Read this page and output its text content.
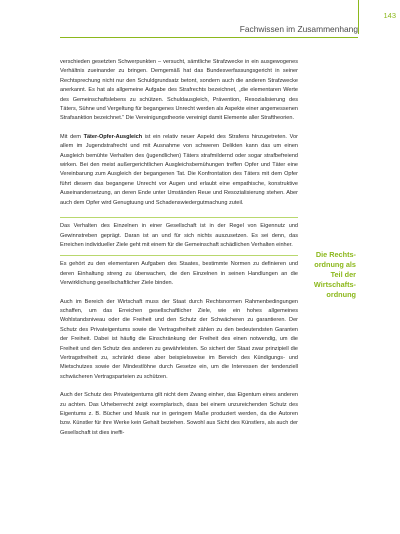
143
Fachwissen im Zusammenhang

verschieden gesetzten Schwerpunkten – versucht, sämtliche Strafzwecke in ein ausgewogenes Verhältnis zueinander zu bringen. Demgemäß hat das Bundesverfassungsgericht in seiner Rechtsprechung nicht nur den Schuldgrundsatz betont, sondern auch die anderen Strafzwecke anerkannt. Es hat als allgemeine Aufgabe des Strafrechts bezeichnet, „die elementaren Werte des Gemeinschaftslebens zu schützen. Schuldausgleich, Prävention, Resozialisierung des Täters, Sühne und Vergeltung für begangenes Unrecht werden als Aspekte einer angemessenen Strafsanktion bezeichnet.“ Die Vereinigungstheorie vereinigt damit Elemente aller Straftheorien.

Mit dem Täter-Opfer-Ausgleich ist ein relativ neuer Aspekt des Strafens hinzugetreten. Vor allem im Jugendstrafrecht und mit Ausnahme von schweren Delikten kann das um einen Ausgleich bemühte Verhalten des (jugendlichen) Täters strafmildernd oder sogar strafbefreiend wirken. Bei den meist außergerichtlichen Ausgleichsbemühungen treffen Opfer und Täter eine Vereinbarung zum Ausgleich der begangenen Tat. Die Konfrontation des Täters mit dem Opfer führt diesem das begangene Unrecht vor Augen und erlaubt eine empathische, konstruktive Auseinandersetzung, an deren Ende unter Umständen Reue und Resozialisierung stehen. Aber auch dem Opfer wird Genugtuung und Schadenswiedergutmachung zuteil.

Das Verhalten des Einzelnen in einer Gesellschaft ist in der Regel von Eigennutz und Gewinnstreben geprägt. Daran ist an und für sich nichts auszusetzen. Es sei denn, das Erreichen individueller Ziele geht mit einem für die Gemeinschaft schädlichen Verhalten einher.

Es gehört zu den elementaren Aufgaben des Staates, bestimmte Normen zu definieren und deren Einhaltung streng zu überwachen, die den Einzelnen in seinen Handlungen an die Verwirklichung gesellschaftlicher Ziele binden.

Auch im Bereich der Wirtschaft muss der Staat durch Rechtsnormen Rahmenbedingungen schaffen, um das Erreichen gesellschaftlicher Ziele, wie ein hohes allgemeines Wohlstandsniveau oder die Freiheit und den Schutz der Schwächeren zu garantieren. Der Schutz des Privateigentums sowie die Vertragsfreiheit zählen zu den bedeutendsten Garanten der Freiheit. Dabei ist häufig die Einschränkung der Freiheit des einen notwendig, um die Freiheit und den Schutz des anderen zu gewährleisten. So sichert der Staat zwar prinzipiell die Vertragsfreiheit zu, schränkt diese aber beispielsweise im Bereich des Kündigungs- und Mietschutzes sowie der Mindestlöhne durch Gesetze ein, um die Interessen der tendenziell schwächeren Vertragsparteien zu schützen.

Auch der Schutz des Privateigentums gilt nicht dem Zwang einher, das Eigentum eines anderen zu achten. Das Urheberrecht zeigt exemplarisch, dass bei einem unzureichenden Schutz des Eigentums z. B. Bücher und Musik nur in geringem Maße produziert werden, da die Autoren bzw. Künstler für ihre Werke kein Gehalt beziehen. Sowohl aus Sicht des Künstlers, als auch der Gesellschaft ist dies ineffi-

Die Rechts-
ordnung als
Teil der
Wirtschafts-
ordnung
